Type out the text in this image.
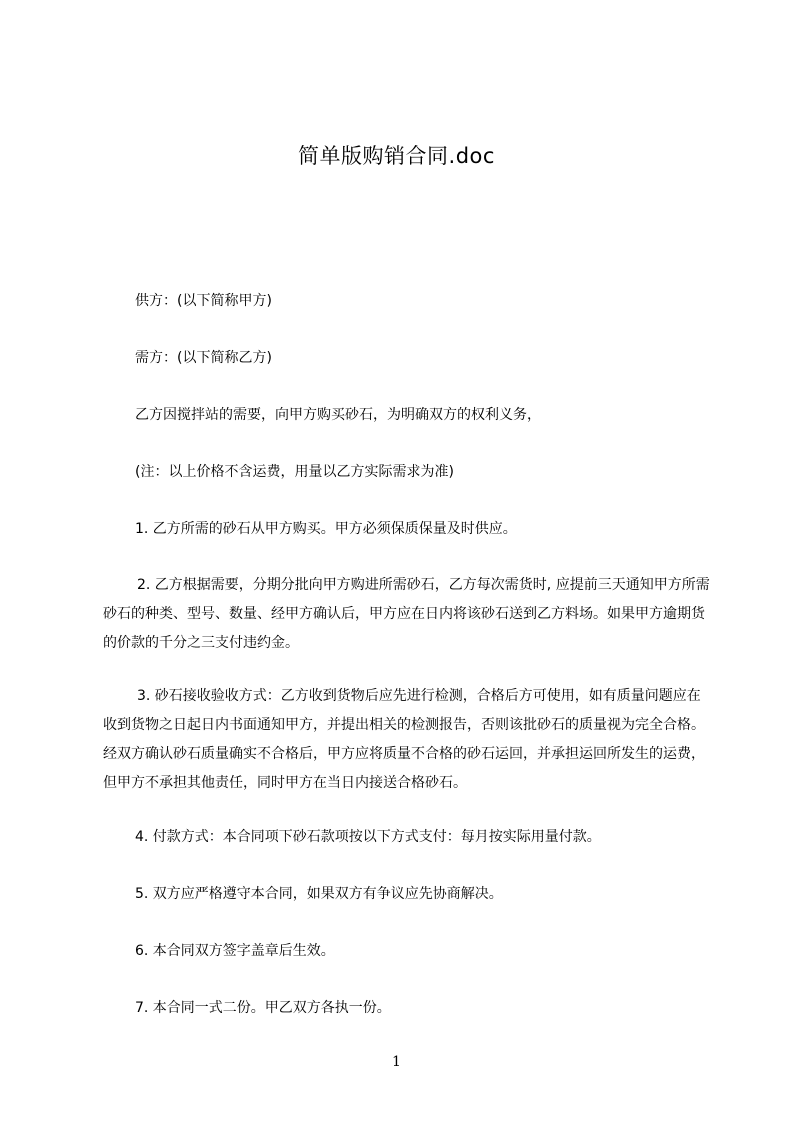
简单版购销合同.doc

供方：(以下简称甲方)

需方：(以下简称乙方)

乙方因搅拌站的需要，向甲方购买砂石，为明确双方的权利义务，

(注：以上价格不含运费，用量以乙方实际需求为准)

1. 乙方所需的砂石从甲方购买。甲方必须保质保量及时供应。

2. 乙方根据需要，分期分批向甲方购进所需砂石，乙方每次需货时, 应提前三天通知甲方所需砂石的种类、型号、数量、经甲方确认后，甲方应在日内将该砂石送到乙方料场。如果甲方逾期货的价款的千分之三支付违约金。

3. 砂石接收验收方式：乙方收到货物后应先进行检测，合格后方可使用，如有质量问题应在收到货物之日起日内书面通知甲方，并提出相关的检测报告，否则该批砂石的质量视为完全合格。经双方确认砂石质量确实不合格后，甲方应将质量不合格的砂石运回，并承担运回所发生的运费，但甲方不承担其他责任，同时甲方在当日内接送合格砂石。

4. 付款方式：本合同项下砂石款项按以下方式支付：每月按实际用量付款。

5. 双方应严格遵守本合同，如果双方有争议应先协商解决。

6. 本合同双方签字盖章后生效。

7. 本合同一式二份。甲乙双方各执一份。

1
